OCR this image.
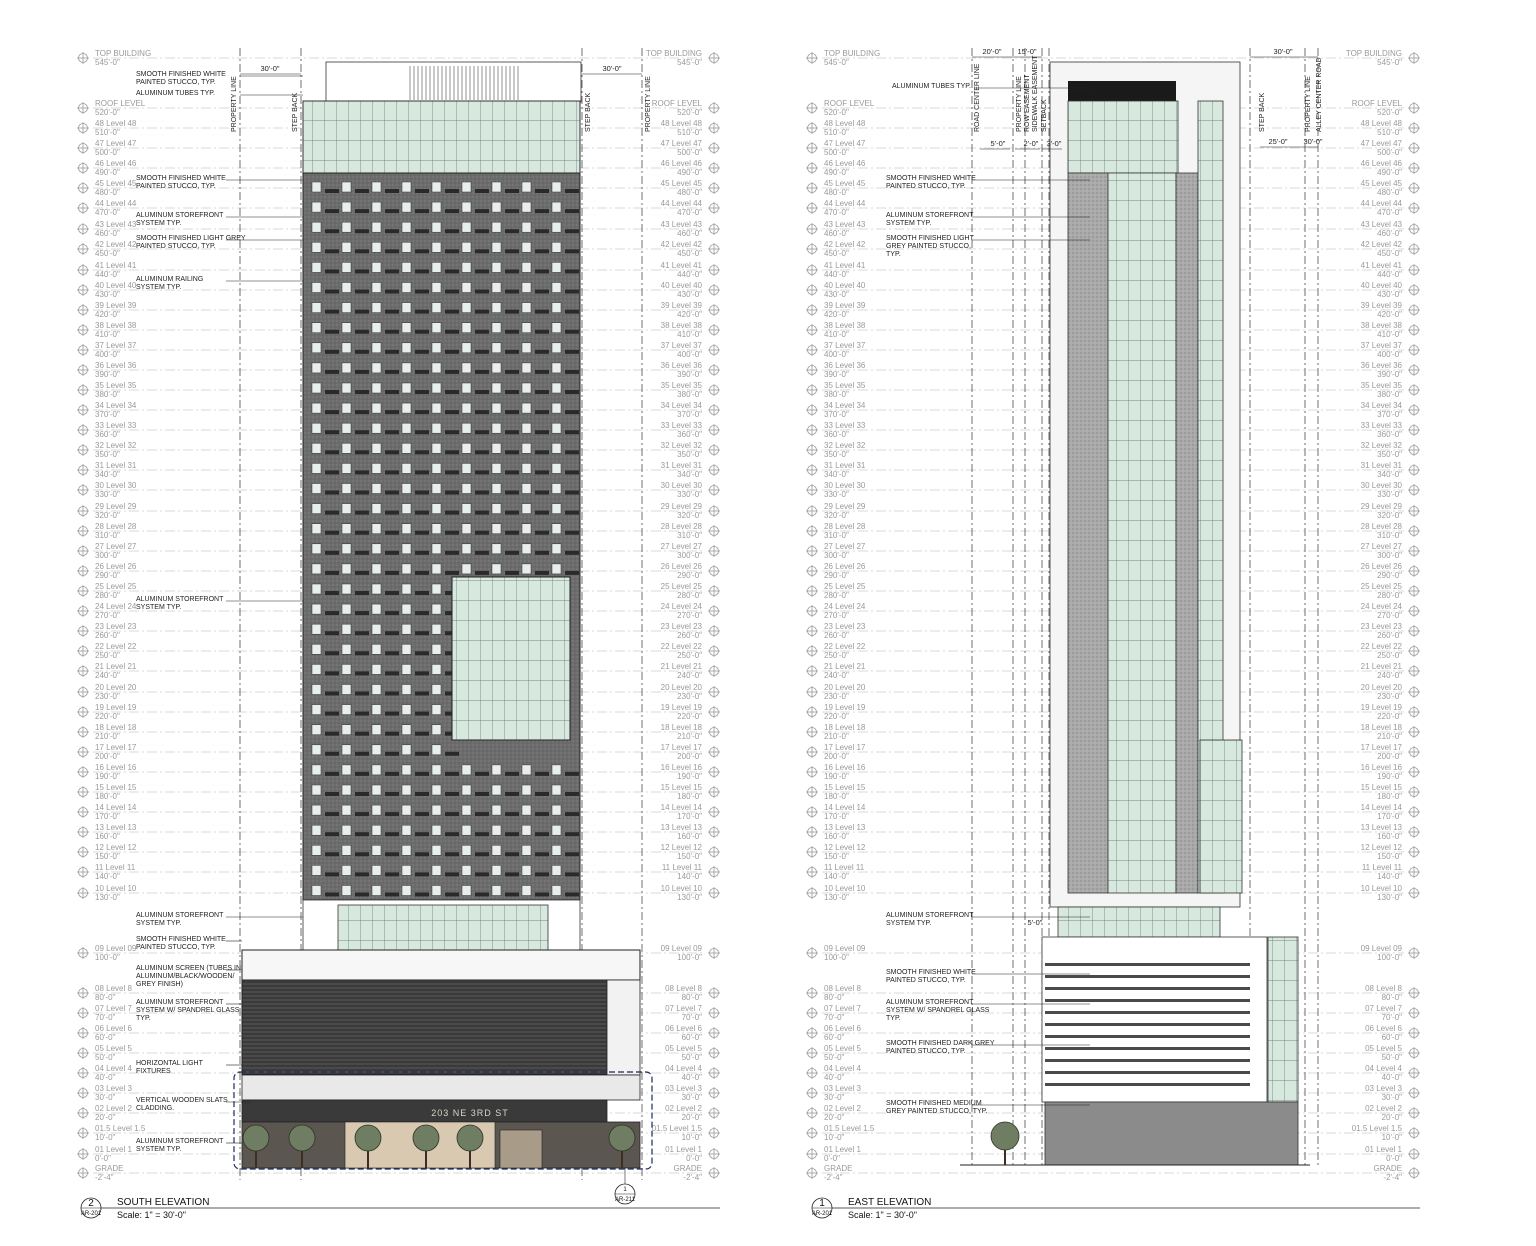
TOP BUILDING
545'-0"
TOP BUILDING
545'-0"
ROOF LEVEL
520'-0"
ROOF LEVEL
520'-0"
48 Level 48
510'-0"
48 Level 48
510'-0"
47 Level 47
500'-0"
47 Level 47
500'-0"
46 Level 46
490'-0"
46 Level 46
490'-0"
45 Level 45
480'-0"
45 Level 45
480'-0"
44 Level 44
470'-0"
44 Level 44
470'-0"
43 Level 43
460'-0"
43 Level 43
460'-0"
42 Level 42
450'-0"
42 Level 42
450'-0"
41 Level 41
440'-0"
41 Level 41
440'-0"
40 Level 40
430'-0"
40 Level 40
430'-0"
39 Level 39
420'-0"
39 Level 39
420'-0"
38 Level 38
410'-0"
38 Level 38
410'-0"
37 Level 37
400'-0"
37 Level 37
400'-0"
36 Level 36
390'-0"
36 Level 36
390'-0"
35 Level 35
380'-0"
35 Level 35
380'-0"
34 Level 34
370'-0"
34 Level 34
370'-0"
33 Level 33
360'-0"
33 Level 33
360'-0"
32 Level 32
350'-0"
32 Level 32
350'-0"
31 Level 31
340'-0"
31 Level 31
340'-0"
30 Level 30
330'-0"
30 Level 30
330'-0"
29 Level 29
320'-0"
29 Level 29
320'-0"
28 Level 28
310'-0"
28 Level 28
310'-0"
27 Level 27
300'-0"
27 Level 27
300'-0"
26 Level 26
290'-0"
26 Level 26
290'-0"
25 Level 25
280'-0"
25 Level 25
280'-0"
24 Level 24
270'-0"
24 Level 24
270'-0"
23 Level 23
260'-0"
23 Level 23
260'-0"
22 Level 22
250'-0"
22 Level 22
250'-0"
21 Level 21
240'-0"
21 Level 21
240'-0"
20 Level 20
230'-0"
20 Level 20
230'-0"
19 Level 19
220'-0"
19 Level 19
220'-0"
18 Level 18
210'-0"
18 Level 18
210'-0"
17 Level 17
200'-0"
17 Level 17
200'-0"
16 Level 16
190'-0"
16 Level 16
190'-0"
15 Level 15
180'-0"
15 Level 15
180'-0"
14 Level 14
170'-0"
14 Level 14
170'-0"
13 Level 13
160'-0"
13 Level 13
160'-0"
12 Level 12
150'-0"
12 Level 12
150'-0"
11 Level 11
140'-0"
11 Level 11
140'-0"
10 Level 10
130'-0"
10 Level 10
130'-0"
09 Level 09
100'-0"
09 Level 09
100'-0"
08 Level 8
80'-0"
08 Level 8
80'-0"
07 Level 7
70'-0"
07 Level 7
70'-0"
06 Level 6
60'-0"
06 Level 6
60'-0"
05 Level 5
50'-0"
05 Level 5
50'-0"
04 Level 4
40'-0"
04 Level 4
40'-0"
03 Level 3
30'-0"
03 Level 3
30'-0"
02 Level 2
20'-0"
02 Level 2
20'-0"
01.5 Level 1.5
10'-0"
01.5 Level 1.5
10'-0"
01 Level 1
0'-0"
01 Level 1
0'-0"
GRADE
-2'-4"
GRADE
-2'-4"
TOP BUILDING
545'-0"
TOP BUILDING
545'-0"
ROOF LEVEL
520'-0"
ROOF LEVEL
520'-0"
48 Level 48
510'-0"
48 Level 48
510'-0"
47 Level 47
500'-0"
47 Level 47
500'-0"
46 Level 46
490'-0"
46 Level 46
490'-0"
45 Level 45
480'-0"
45 Level 45
480'-0"
44 Level 44
470'-0"
44 Level 44
470'-0"
43 Level 43
460'-0"
43 Level 43
460'-0"
42 Level 42
450'-0"
42 Level 42
450'-0"
41 Level 41
440'-0"
41 Level 41
440'-0"
40 Level 40
430'-0"
40 Level 40
430'-0"
39 Level 39
420'-0"
39 Level 39
420'-0"
38 Level 38
410'-0"
38 Level 38
410'-0"
37 Level 37
400'-0"
37 Level 37
400'-0"
36 Level 36
390'-0"
36 Level 36
390'-0"
35 Level 35
380'-0"
35 Level 35
380'-0"
34 Level 34
370'-0"
34 Level 34
370'-0"
33 Level 33
360'-0"
33 Level 33
360'-0"
32 Level 32
350'-0"
32 Level 32
350'-0"
31 Level 31
340'-0"
31 Level 31
340'-0"
30 Level 30
330'-0"
30 Level 30
330'-0"
29 Level 29
320'-0"
29 Level 29
320'-0"
28 Level 28
310'-0"
28 Level 28
310'-0"
27 Level 27
300'-0"
27 Level 27
300'-0"
26 Level 26
290'-0"
26 Level 26
290'-0"
25 Level 25
280'-0"
25 Level 25
280'-0"
24 Level 24
270'-0"
24 Level 24
270'-0"
23 Level 23
260'-0"
23 Level 23
260'-0"
22 Level 22
250'-0"
22 Level 22
250'-0"
21 Level 21
240'-0"
21 Level 21
240'-0"
20 Level 20
230'-0"
20 Level 20
230'-0"
19 Level 19
220'-0"
19 Level 19
220'-0"
18 Level 18
210'-0"
18 Level 18
210'-0"
17 Level 17
200'-0"
17 Level 17
200'-0"
16 Level 16
190'-0"
16 Level 16
190'-0"
15 Level 15
180'-0"
15 Level 15
180'-0"
14 Level 14
170'-0"
14 Level 14
170'-0"
13 Level 13
160'-0"
13 Level 13
160'-0"
12 Level 12
150'-0"
12 Level 12
150'-0"
11 Level 11
140'-0"
11 Level 11
140'-0"
10 Level 10
130'-0"
10 Level 10
130'-0"
09 Level 09
100'-0"
09 Level 09
100'-0"
08 Level 8
80'-0"
08 Level 8
80'-0"
07 Level 7
70'-0"
07 Level 7
70'-0"
06 Level 6
60'-0"
06 Level 6
60'-0"
05 Level 5
50'-0"
05 Level 5
50'-0"
04 Level 4
40'-0"
04 Level 4
40'-0"
03 Level 3
30'-0"
03 Level 3
30'-0"
02 Level 2
20'-0"
02 Level 2
20'-0"
01.5 Level 1.5
10'-0"
01.5 Level 1.5
10'-0"
01 Level 1
0'-0"
01 Level 1
0'-0"
GRADE
-2'-4"
GRADE
-2'-4"
203 NE 3RD ST
SMOOTH FINISHED WHITE
PAINTED STUCCO, TYP.
ALUMINUM TUBES TYP.
SMOOTH FINISHED WHITE
PAINTED STUCCO, TYP.
ALUMINUM STOREFRONT
SYSTEM TYP.
SMOOTH FINISHED LIGHT GREY
PAINTED STUCCO, TYP.
ALUMINUM RAILING
SYSTEM TYP.
ALUMINUM STOREFRONT
SYSTEM TYP.
ALUMINUM STOREFRONT
SYSTEM TYP.
SMOOTH FINISHED WHITE
PAINTED STUCCO, TYP.
ALUMINUM SCREEN (TUBES IN
ALUMINUM/BLACK/WOODEN/
GREY FINISH)
ALUMINUM STOREFRONT
SYSTEM W/ SPANDREL GLASS
TYP.
HORIZONTAL LIGHT
FIXTURES
VERTICAL WOODEN SLATS
CLADDING.
ALUMINUM STOREFRONT
SYSTEM TYP.
ALUMINUM TUBES TYP.
SMOOTH FINISHED WHITE
PAINTED STUCCO, TYP.
ALUMINUM STOREFRONT
SYSTEM TYP.
SMOOTH FINISHED LIGHT
GREY PAINTED STUCCO,
TYP.
ALUMINUM STOREFRONT
SYSTEM TYP.
SMOOTH FINISHED WHITE
PAINTED STUCCO, TYP.
ALUMINUM STOREFRONT
SYSTEM W/ SPANDREL GLASS
TYP.
SMOOTH FINISHED DARK GREY
PAINTED STUCCO, TYP.
SMOOTH FINISHED MEDIUM
GREY PAINTED STUCCO, TYP.
30'-0"	30'-0"
PROPERTY LINE	STEP BACK	STEP BACK	PROPERTY LINE
20'-0" 15'-0"	30'-0"
5'-0" 2'-0" 3'-0"	25'-0" 30'-0"
5'-0"
ROAD CENTER LINE	PROPERTY LINE ROW EASEMENT SIDEWALK EASEMENT SETBACK	STEP BACK	PROPERTY LINE ALLEY CENTER ROAD
2
AR-201
SOUTH ELEVATION
Scale: 1" = 30'-0"
1
AR-201
EAST ELEVATION
Scale: 1" = 30'-0"
1
AR-211
